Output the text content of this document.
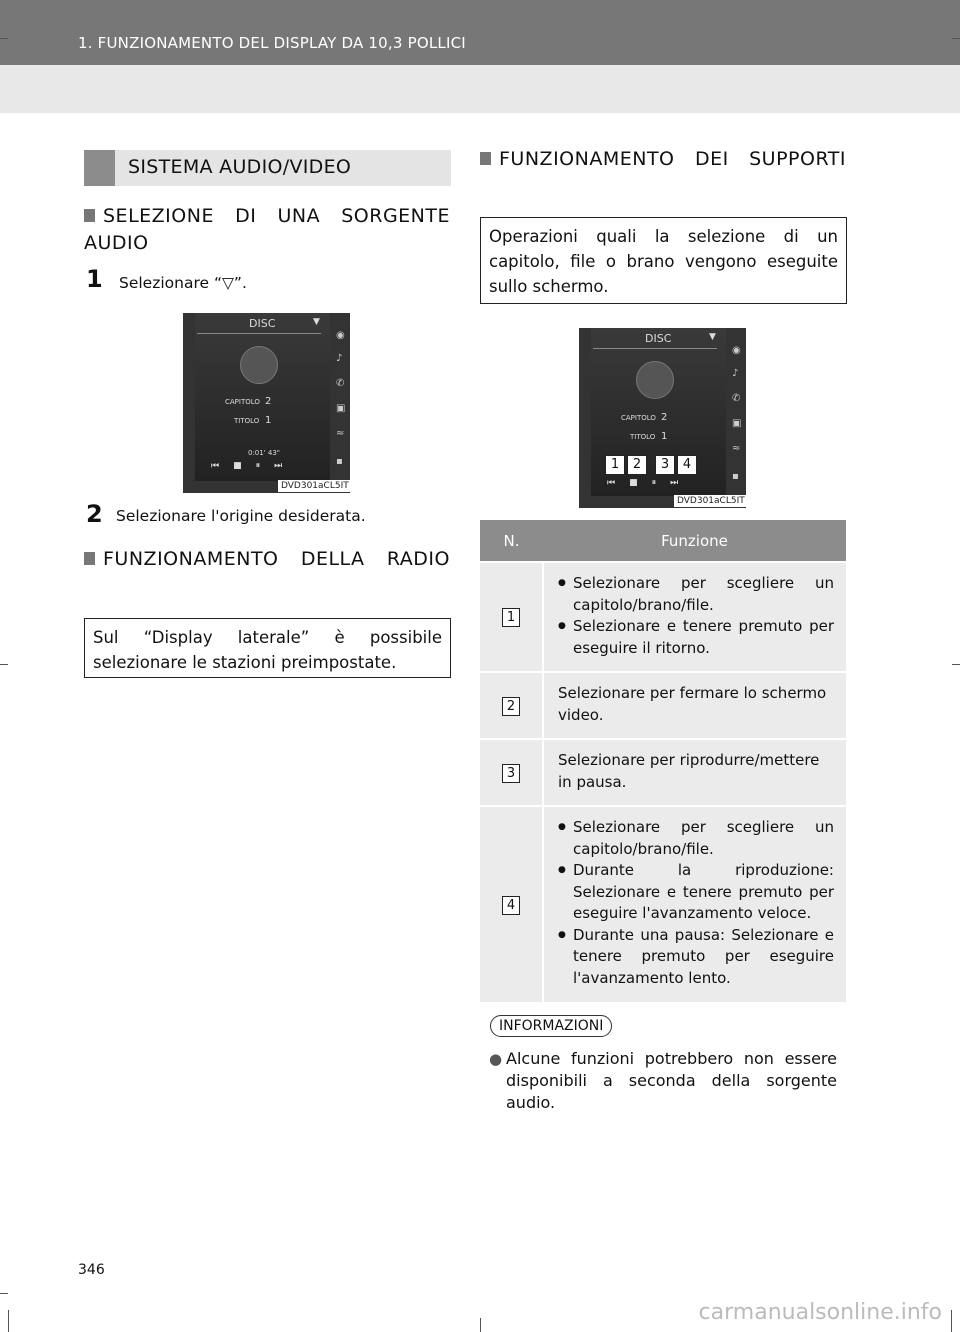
1. FUNZIONAMENTO DEL DISPLAY DA 10,3 POLLICI
SISTEMA AUDIO/VIDEO
SELEZIONE DI UNA SORGENTE AUDIO
1 Selezionare “▽”.
DISC	▼
CAPITOLO 2
TITOLO 1
0:01' 43"
⏮■⏸⏭
◉
♪
✆
▣
≈
▪
DVD301aCL5IT
2 Selezionare l'origine desiderata.
FUNZIONAMENTO DELLA RADIO
Sul “Display laterale” è possibile selezionare le stazioni preimpostate.
FUNZIONAMENTO DEI SUPPORTI
Operazioni quali la selezione di un capitolo, file o brano vengono eseguite sullo schermo.
DISC	▼
CAPITOLO 2
TITOLO 1
1 2 3 4
⏮■⏸⏭
◉
♪
✆
▣
≈
▪
DVD301aCL5IT
N.	Funzione
1	● Selezionare per scegliere un capitolo/brano/file.
● Selezionare e tenere premuto per eseguire il ritorno.

2	Selezionare per fermare lo schermo video.
3	Selezionare per riprodurre/mettere in pausa.
4	● Selezionare per scegliere un capitolo/brano/file.
● Durante la riproduzione: Selezionare e tenere premuto per eseguire l'avanzamento veloce.
● Durante una pausa: Selezionare e tenere premuto per eseguire l'avanzamento lento.
INFORMAZIONI
● Alcune funzioni potrebbero non essere disponibili a seconda della sorgente audio.
346
carmanualsonline.info
